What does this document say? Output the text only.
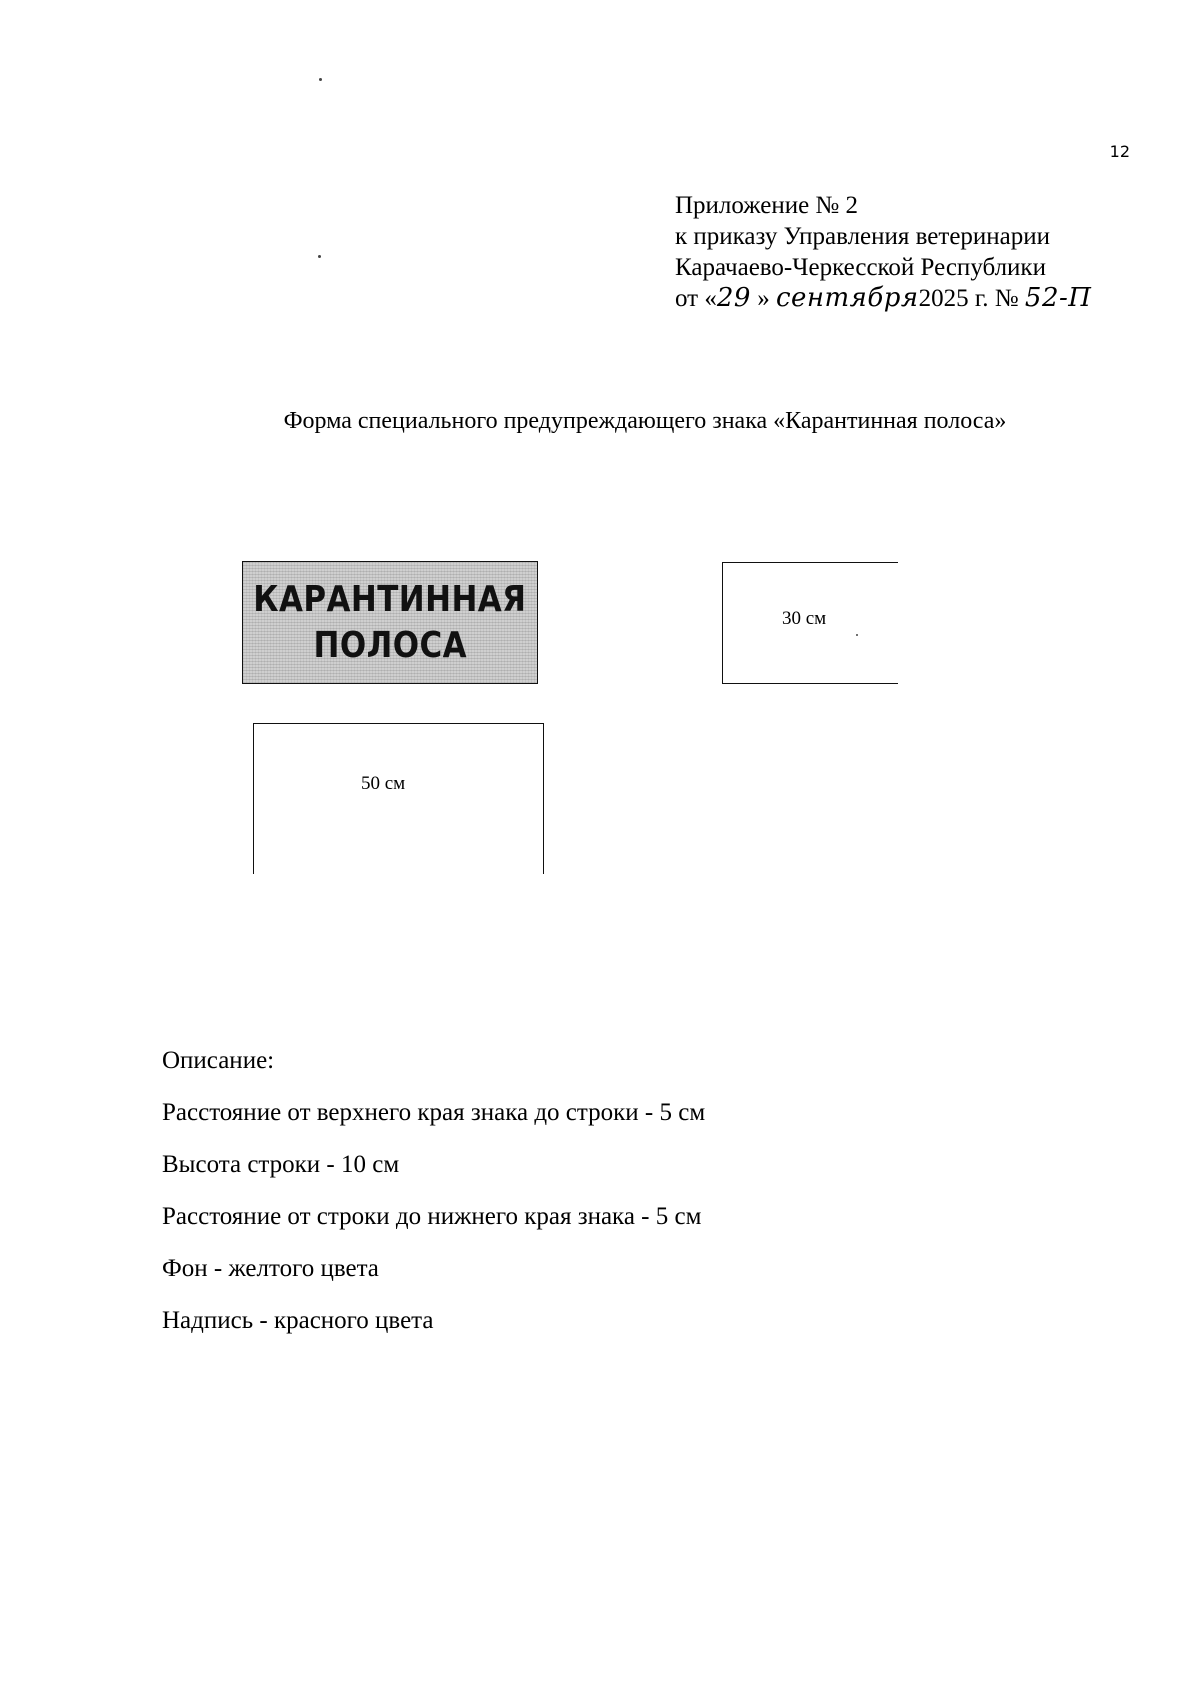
12
Приложение № 2
к приказу Управления ветеринарии
Карачаево-Черкесской Республики
от «29 » сентября2025 г. № 52-П
Форма специального предупреждающего знака «Карантинная полоса»
КАРАНТИННАЯ
ПОЛОСА
30 см
50 см
Описание:
Расстояние от верхнего края знака до строки - 5 см
Высота строки - 10 см
Расстояние от строки до нижнего края знака - 5 см
Фон - желтого цвета
Надпись - красного цвета
